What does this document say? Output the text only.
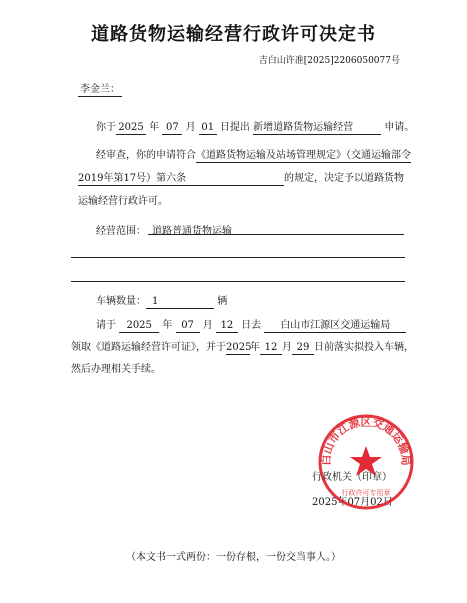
道路货物运输经营行政许可决定书
吉白山许准[2025]2206050077号
李金兰：
你于 2025 年 07 月 01 日提出 新增道路货物运输经营	申请。
经审查，你的申请符合《道路货物运输及站场管理规定》（交通运输部令
2019年第17号）第六条	的规定，决定予以道路货物
运输经营行政许可。
经营范围： 道路普通货物运输
车辆数量： 1	辆
请于 2025 年 07 月 12 日去 白山市江源区交通运输局
领取《道路运输经营许可证》，并于2025年 12 月 29 日前落实拟投入车辆，
然后办理相关手续。
行政机关（印章）
2025年07月02日
白山市江源区交通运输局
行政许可专用章
（本文书一式两份：一份存根，一份交当事人。）
